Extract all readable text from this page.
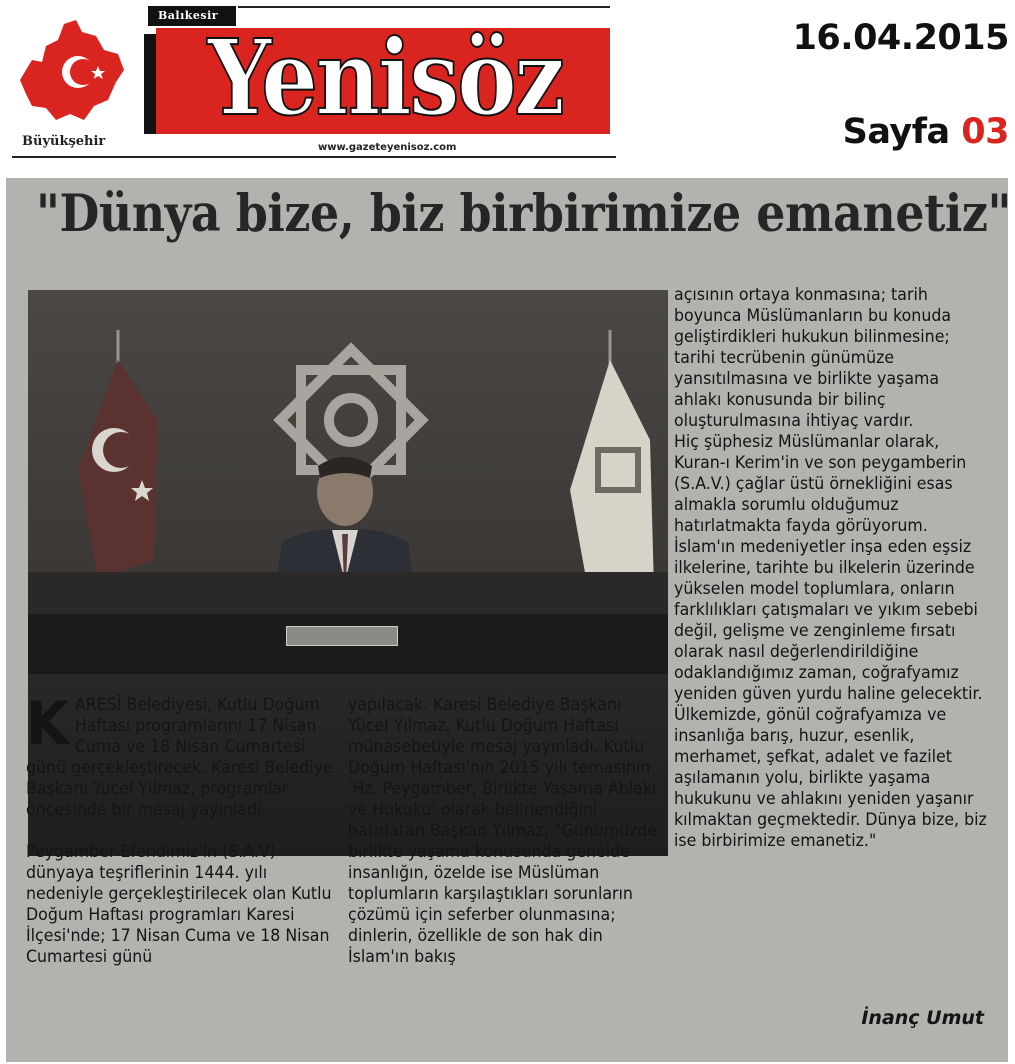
Balıkesir
Yenisöz
Büyükşehir	www.gazeteyenisoz.com
16.04.2015
Sayfa 03
"Dünya bize, biz birbirimize emanetiz"

KARESİ Belediyesi, Kutlu Doğum Haftası programlarını 17 Nisan Cuma ve 18 Nisan Cumartesi günü gerçekleştirecek. Karesi Belediye Başkanı Yücel Yılmaz, programlar öncesinde bir mesaj yayınladı.

Peygamber Efendimiz'in (S.A.V) dünyaya teşriflerinin 1444. yılı nedeniyle gerçekleştirilecek olan Kutlu Doğum Haftası programları Karesi İlçesi'nde; 17 Nisan Cuma ve 18 Nisan Cumartesi günü

yapılacak. Karesi Belediye Başkanı Yücel Yılmaz, Kutlu Doğum Haftası münasebetiyle mesaj yayınladı. Kutlu Doğum Haftası'nın 2015 yılı temasının 'Hz. Peygamber, Birlikte Yaşama Ahlakı ve Hukuku' olarak belirlendiğini hatırlatan Başkan Yılmaz, "Günümüzde birlikte yaşama konusunda genelde insanlığın, özelde ise Müslüman toplumların karşılaştıkları sorunların çözümü için seferber olunmasına; dinlerin, özellikle de son hak din İslam'ın bakış

açısının ortaya konmasına; tarih boyunca Müslümanların bu konuda geliştirdikleri hukukun bilinmesine; tarihi tecrübenin günümüze yansıtılmasına ve birlikte yaşama ahlakı konusunda bir bilinç oluşturulmasına ihtiyaç vardır.

Hiç şüphesiz Müslümanlar olarak, Kuran-ı Kerim'in ve son peygamberin (S.A.V.) çağlar üstü örnekliğini esas almakla sorumlu olduğumuz hatırlatmakta fayda görüyorum. İslam'ın medeniyetler inşa eden eşsiz ilkelerine, tarihte bu ilkelerin üzerinde yükselen model toplumlara, onların farklılıkları çatışmaları ve yıkım sebebi değil, gelişme ve zenginleme fırsatı olarak nasıl değerlendirildiğine odaklandığımız zaman, coğrafyamız yeniden güven yurdu haline gelecektir. Ülkemizde, gönül coğrafyamıza ve insanlığa barış, huzur, esenlik, merhamet, şefkat, adalet ve fazilet aşılamanın yolu, birlikte yaşama hukukunu ve ahlakını yeniden yaşanır kılmaktan geçmektedir. Dünya bize, biz ise birbirimize emanetiz."

İnanç Umut
